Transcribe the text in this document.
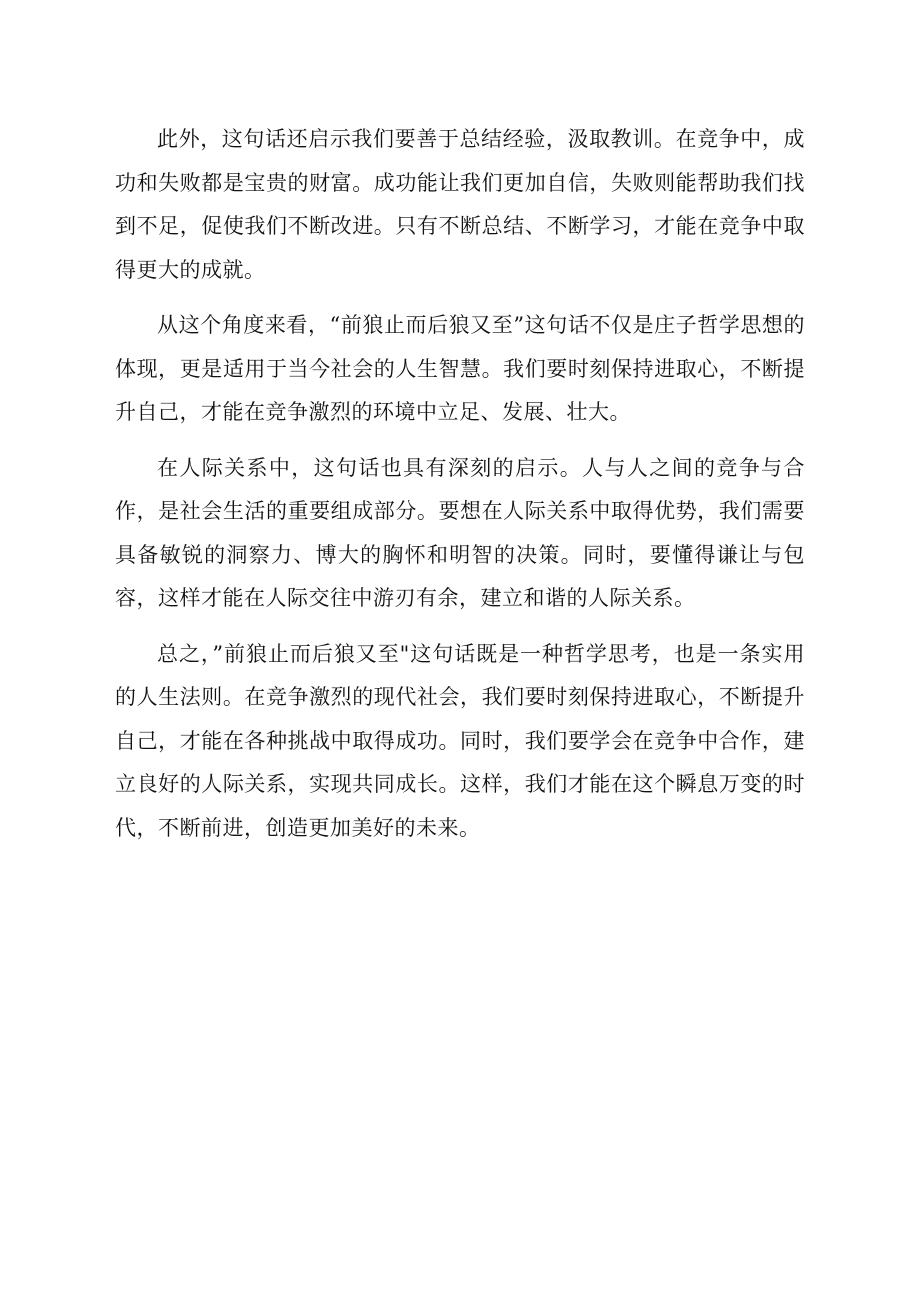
此外，这句话还启示我们要善于总结经验，汲取教训。在竞争中，成功和失败都是宝贵的财富。成功能让我们更加自信，失败则能帮助我们找到不足，促使我们不断改进。只有不断总结、不断学习，才能在竞争中取得更大的成就。

从这个角度来看，“前狼止而后狼又至”这句话不仅是庄子哲学思想的体现，更是适用于当今社会的人生智慧。我们要时刻保持进取心，不断提升自己，才能在竞争激烈的环境中立足、发展、壮大。

在人际关系中，这句话也具有深刻的启示。人与人之间的竞争与合作，是社会生活的重要组成部分。要想在人际关系中取得优势，我们需要具备敏锐的洞察力、博大的胸怀和明智的决策。同时，要懂得谦让与包容，这样才能在人际交往中游刃有余，建立和谐的人际关系。

总之，”前狼止而后狼又至"这句话既是一种哲学思考，也是一条实用的人生法则。在竞争激烈的现代社会，我们要时刻保持进取心，不断提升自己，才能在各种挑战中取得成功。同时，我们要学会在竞争中合作，建立良好的人际关系，实现共同成长。这样，我们才能在这个瞬息万变的时代，不断前进，创造更加美好的未来。
